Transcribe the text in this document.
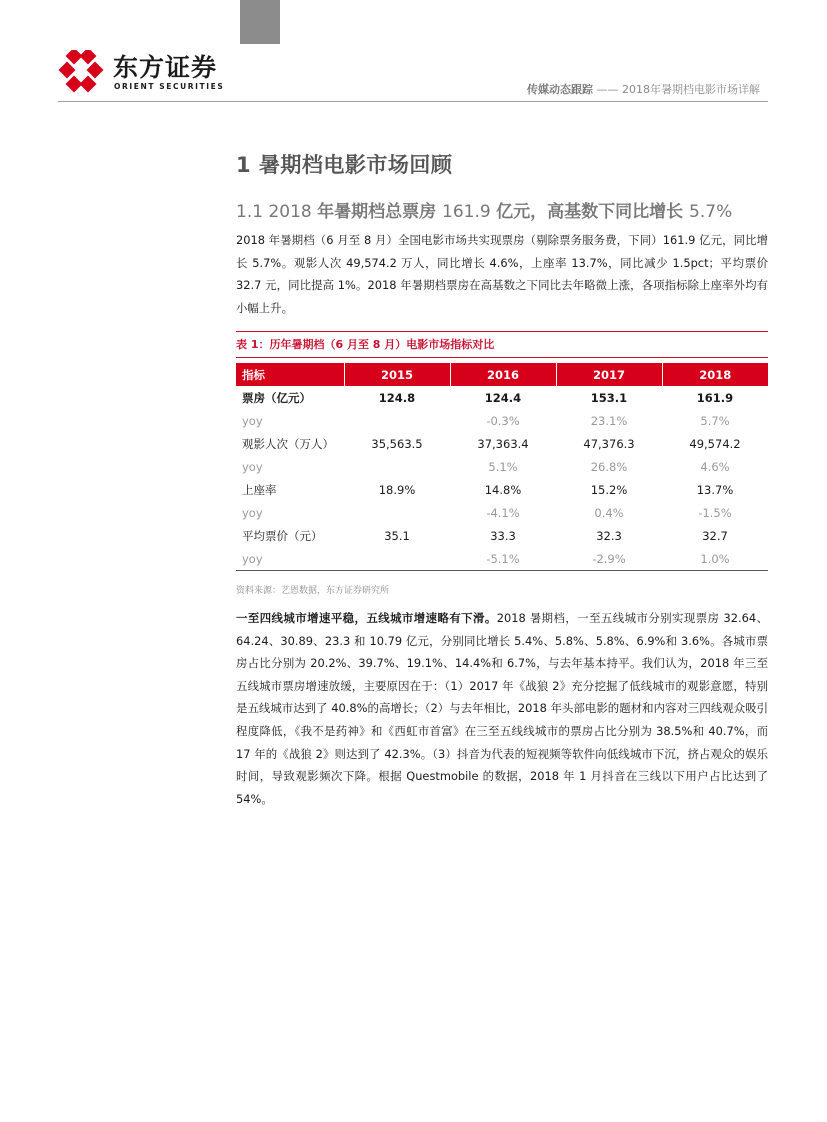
东方证券
ORIENT SECURITIES	传媒动态跟踪 —— 2018年暑期档电影市场详解
1 暑期档电影市场回顾
1.1 2018 年暑期档总票房 161.9 亿元，高基数下同比增长 5.7%

2018 年暑期档（6 月至 8 月）全国电影市场共实现票房（剔除票务服务费，下同）161.9 亿元，同比增长 5.7%。观影人次 49,574.2 万人，同比增长 4.6%，上座率 13.7%，同比减少 1.5pct；平均票价 32.7 元，同比提高 1%。2018 年暑期档票房在高基数之下同比去年略微上涨，各项指标除上座率外均有小幅上升。

表 1：历年暑期档（6 月至 8 月）电影市场指标对比
指标	2015	2016	2017	2018
票房（亿元）	124.8	124.4	153.1	161.9
yoy		-0.3%	23.1%	5.7%
观影人次（万人）	35,563.5	37,363.4	47,376.3	49,574.2
yoy		5.1%	26.8%	4.6%
上座率	18.9%	14.8%	15.2%	13.7%
yoy		-4.1%	0.4%	-1.5%
平均票价（元）	35.1	33.3	32.3	32.7
yoy		-5.1%	-2.9%	1.0%
资料来源：艺恩数据，东方证券研究所

一至四线城市增速平稳，五线城市增速略有下滑。2018 暑期档，一至五线城市分别实现票房 32.64、64.24、30.89、23.3 和 10.79 亿元，分别同比增长 5.4%、5.8%、5.8%、6.9%和 3.6%。各城市票房占比分别为 20.2%、39.7%、19.1%、14.4%和 6.7%，与去年基本持平。我们认为，2018 年三至五线城市票房增速放缓，主要原因在于：（1）2017 年《战狼 2》充分挖掘了低线城市的观影意愿，特别是五线城市达到了 40.8%的高增长；（2）与去年相比，2018 年头部电影的题材和内容对三四线观众吸引程度降低，《我不是药神》和《西虹市首富》在三至五线线城市的票房占比分别为 38.5%和 40.7%，而 17 年的《战狼 2》则达到了 42.3%。（3）抖音为代表的短视频等软件向低线城市下沉，挤占观众的娱乐时间，导致观影频次下降。根据 Questmobile 的数据，2018 年 1 月抖音在三线以下用户占比达到了 54%。
